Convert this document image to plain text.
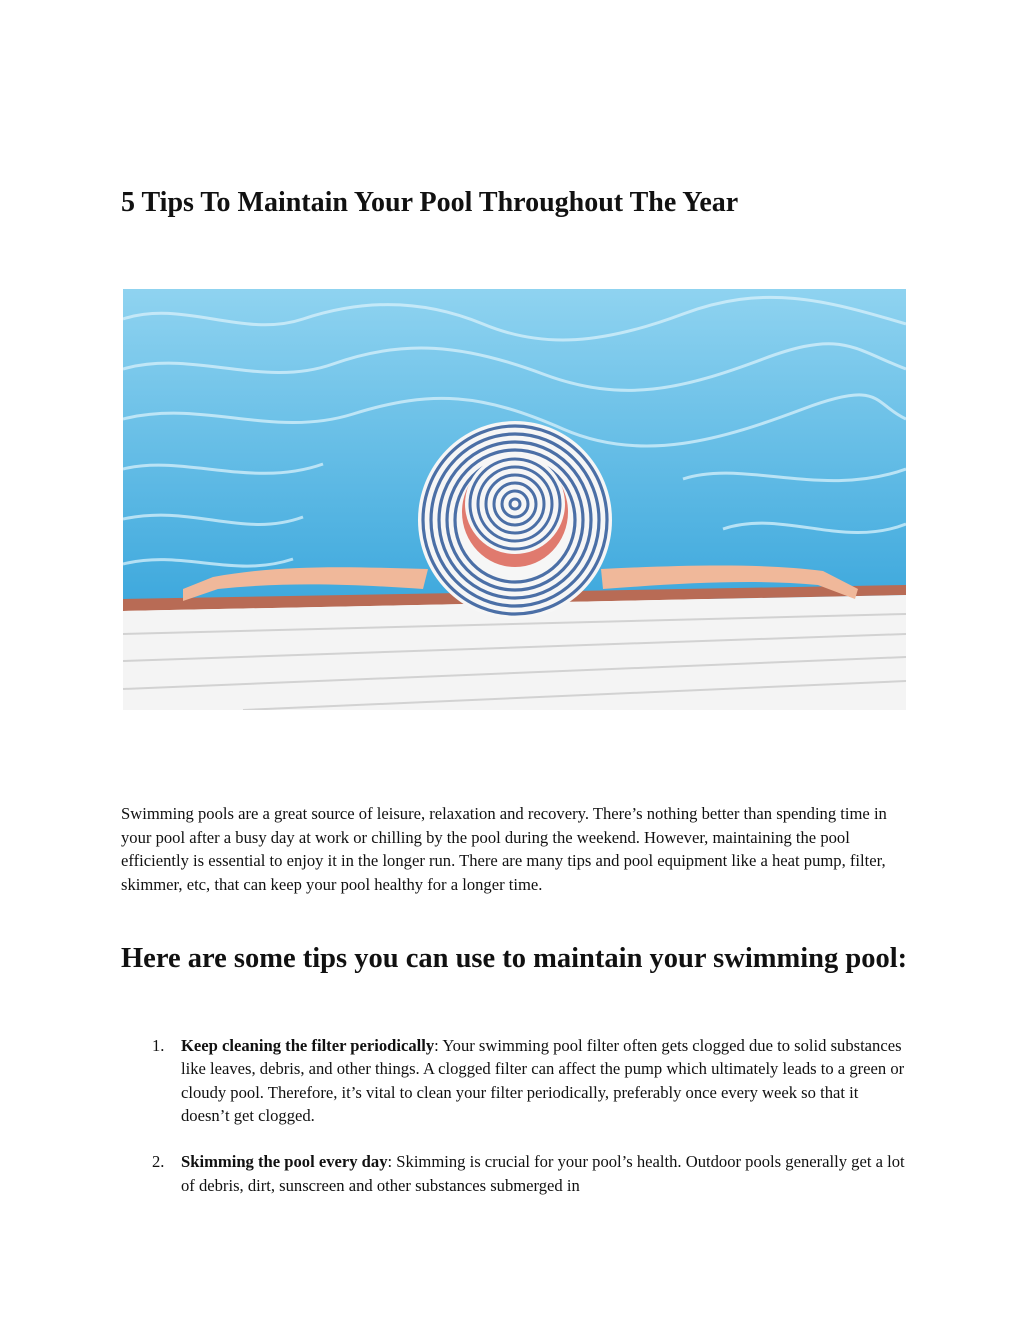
5 Tips To Maintain Your Pool Throughout The Year

Swimming pools are a great source of leisure, relaxation and recovery. There’s nothing better than spending time in your pool after a busy day at work or chilling by the pool during the weekend. However, maintaining the pool efficiently is essential to enjoy it in the longer run. There are many tips and pool equipment like a heat pump, filter, skimmer, etc, that can keep your pool healthy for a longer time.

Here are some tips you can use to maintain your swimming pool:
1. Keep cleaning the filter periodically: Your swimming pool filter often gets clogged due to solid substances like leaves, debris, and other things. A clogged filter can affect the pump which ultimately leads to a green or cloudy pool. Therefore, it’s vital to clean your filter periodically, preferably once every week so that it doesn’t get clogged.
2. Skimming the pool every day: Skimming is crucial for your pool’s health. Outdoor pools generally get a lot of debris, dirt, sunscreen and other substances submerged in
